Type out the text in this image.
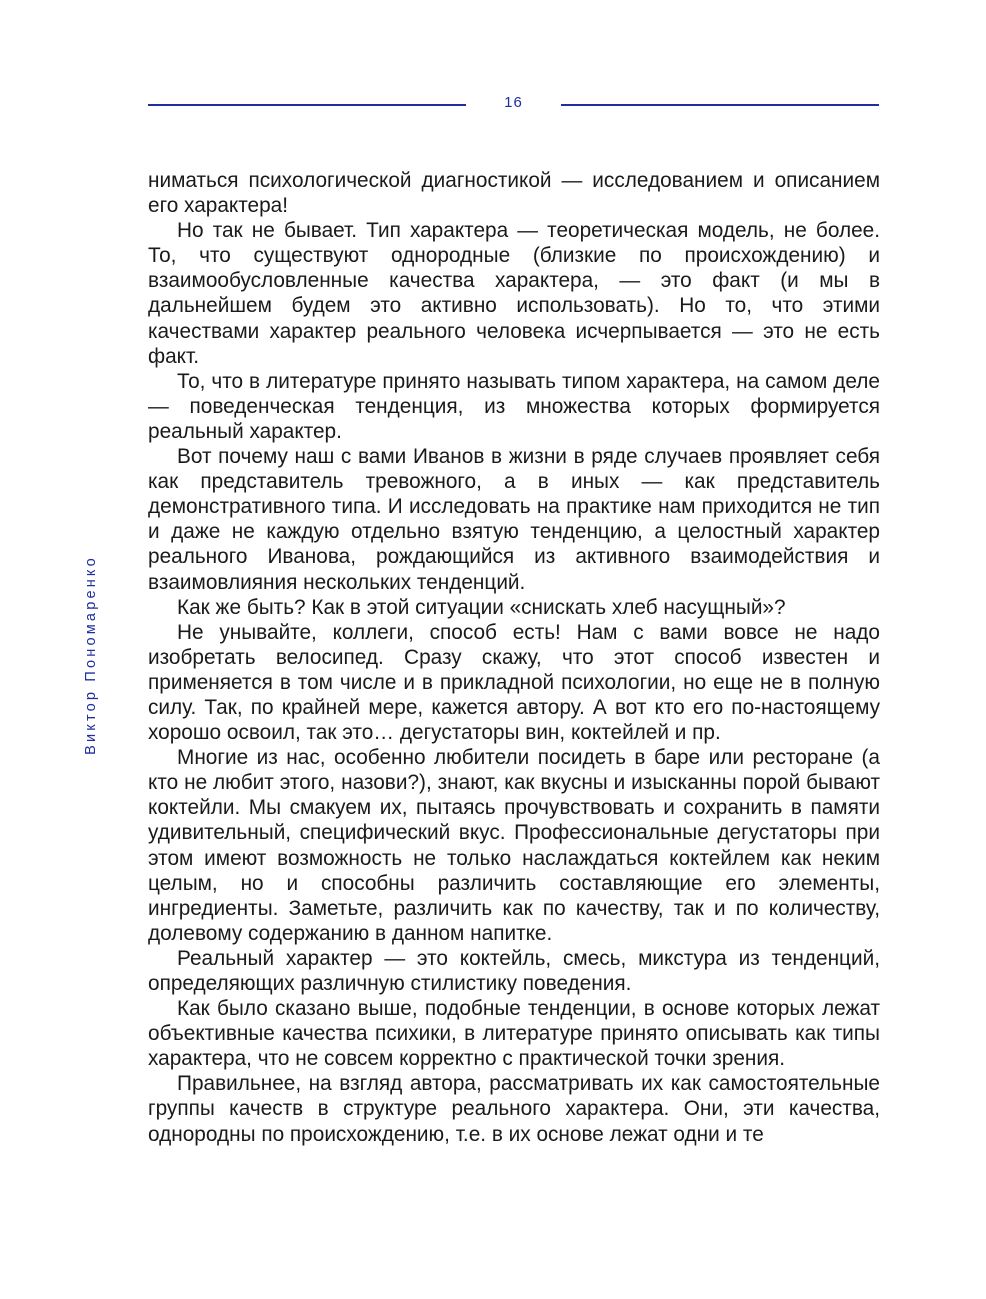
16
Виктор Пономаренко

ниматься психологической диагностикой — исследованием и описанием его характера!

Но так не бывает. Тип характера — теоретическая модель, не более. То, что существуют однородные (близкие по происхождению) и взаимообусловленные качества характера, — это факт (и мы в дальнейшем будем это активно использовать). Но то, что этими качествами характер реального человека исчерпывается — это не есть факт.

То, что в литературе принято называть типом характера, на самом деле — поведенческая тенденция, из множества которых формируется реальный характер.

Вот почему наш с вами Иванов в жизни в ряде случаев проявляет себя как представитель тревожного, а в иных — как представитель демонстративного типа. И исследовать на практике нам приходится не тип и даже не каждую отдельно взятую тенденцию, а целостный характер реального Иванова, рождающийся из активного взаимодействия и взаимовлияния нескольких тенденций.

Как же быть? Как в этой ситуации «снискать хлеб насущный»?

Не унывайте, коллеги, способ есть! Нам с вами вовсе не надо изобретать велосипед. Сразу скажу, что этот способ известен и применяется в том числе и в прикладной психологии, но еще не в полную силу. Так, по крайней мере, кажется автору. А вот кто его по-настоящему хорошо освоил, так это… дегустаторы вин, коктейлей и пр.

Многие из нас, особенно любители посидеть в баре или ресторане (а кто не любит этого, назови?), знают, как вкусны и изысканны порой бывают коктейли. Мы смакуем их, пытаясь прочувствовать и сохранить в памяти удивительный, специфический вкус. Профессиональные дегустаторы при этом имеют возможность не только наслаждаться коктейлем как неким целым, но и способны различить составляющие его элементы, ингредиенты. Заметьте, различить как по качеству, так и по количеству, долевому содержанию в данном напитке.

Реальный характер — это коктейль, смесь, микстура из тенденций, определяющих различную стилистику поведения.

Как было сказано выше, подобные тенденции, в основе которых лежат объективные качества психики, в литературе принято описывать как типы характера, что не совсем корректно с практической точки зрения.

Правильнее, на взгляд автора, рассматривать их как самостоятельные группы качеств в структуре реального характера. Они, эти качества, однородны по происхождению, т.е. в их основе лежат одни и те
